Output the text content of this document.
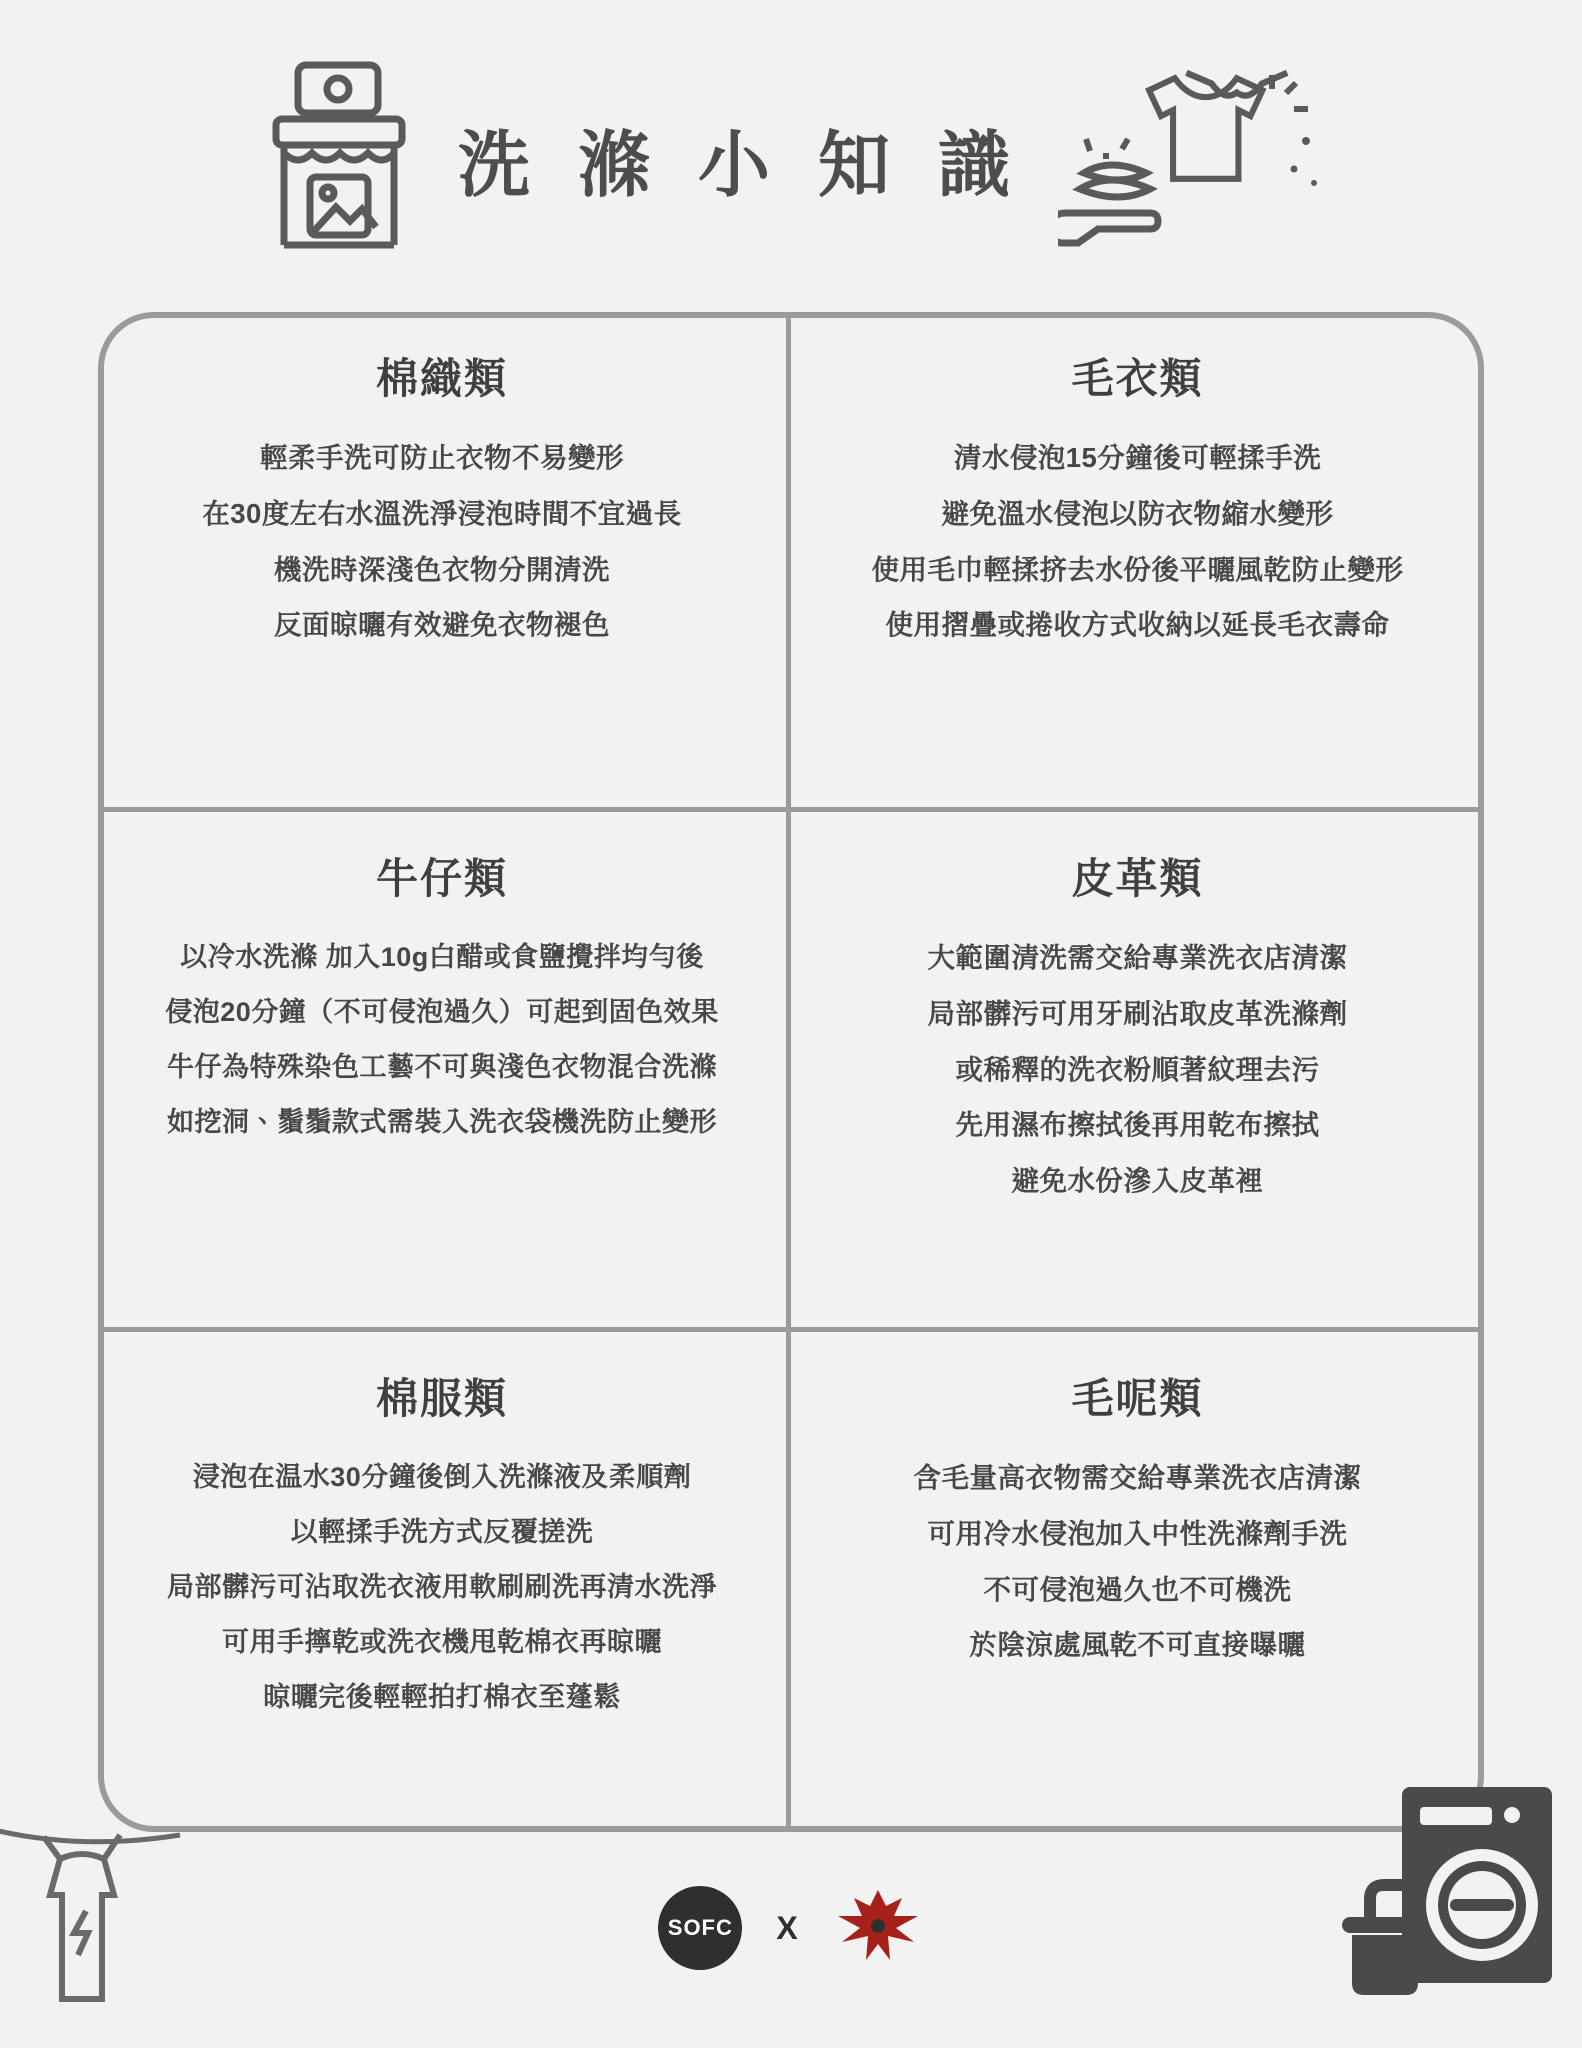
洗 滌 小 知 識
棉織類
輕柔手洗可防止衣物不易變形
在30度左右水溫洗淨浸泡時間不宜過長
機洗時深淺色衣物分開清洗
反面晾曬有效避免衣物褪色
毛衣類
清水侵泡15分鐘後可輕揉手洗
避免溫水侵泡以防衣物縮水變形
使用毛巾輕揉挤去水份後平曬風乾防止變形
使用摺疊或捲收方式收納以延長毛衣壽命
牛仔類
以冷水洗滌 加入10g白醋或食鹽攪拌均勻後
侵泡20分鐘（不可侵泡過久）可起到固色效果
牛仔為特殊染色工藝不可與淺色衣物混合洗滌
如挖洞、鬚鬚款式需裝入洗衣袋機洗防止變形
皮革類
大範圍清洗需交給專業洗衣店清潔
局部髒污可用牙刷沾取皮革洗滌劑
或稀釋的洗衣粉順著紋理去污
先用濕布擦拭後再用乾布擦拭
避免水份滲入皮革裡
棉服類
浸泡在温水30分鐘後倒入洗滌液及柔順劑
以輕揉手洗方式反覆搓洗
局部髒污可沾取洗衣液用軟刷刷洗再清水洗淨
可用手擰乾或洗衣機甩乾棉衣再晾曬
晾曬完後輕輕拍打棉衣至蓬鬆
毛呢類
含毛量高衣物需交給專業洗衣店清潔
可用冷水侵泡加入中性洗滌劑手洗
不可侵泡過久也不可機洗
於陰涼處風乾不可直接曝曬
SOFC X
